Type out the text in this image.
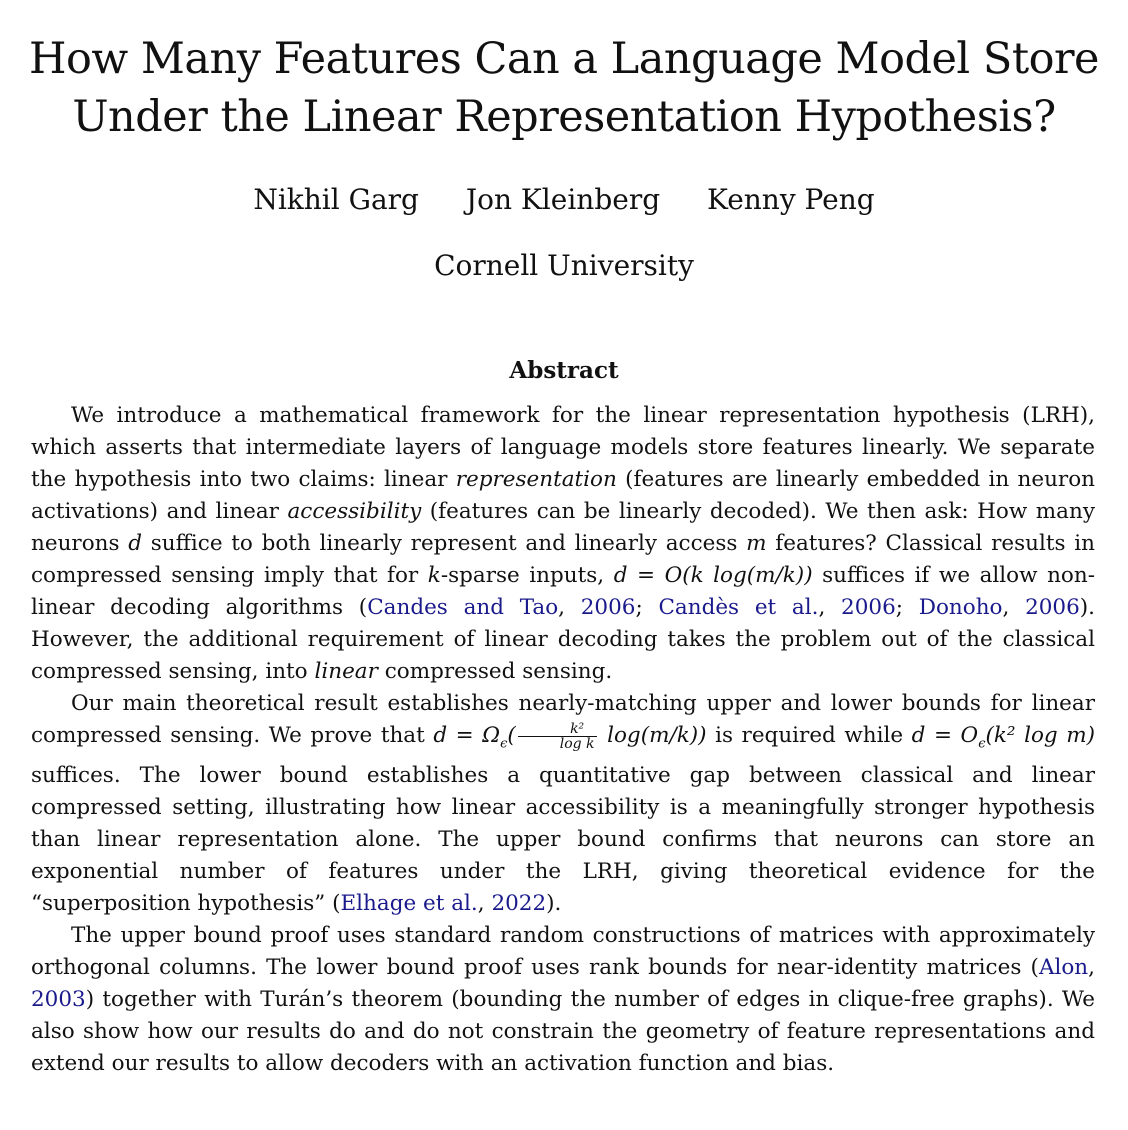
How Many Features Can a Language Model Store
Under the Linear Representation Hypothesis?
Nikhil Garg Jon Kleinberg Kenny Peng
Cornell University
Abstract

We introduce a mathematical framework for the linear representation hypothesis (LRH), which asserts that intermediate layers of language models store features linearly. We separate the hypothesis into two claims: linear representation (features are linearly embedded in neuron activations) and linear accessibility (features can be linearly decoded). We then ask: How many neurons d suffice to both linearly represent and linearly access m features? Classical results in compressed sensing imply that for k-sparse inputs, d = O(k log(m/k)) suffices if we allow non-linear decoding algorithms (Candes and Tao, 2006; Candès et al., 2006; Donoho, 2006). However, the additional requirement of linear decoding takes the problem out of the classical compressed sensing, into linear compressed sensing.

Our main theoretical result establishes nearly-matching upper and lower bounds for linear compressed sensing. We prove that $d = \Omega_\epsilon( \frac{\text{k²}}{\text{log k}} \log(m/k))$ is required while $d = O_\epsilon(k^2$ log m) suffices. The lower bound establishes a quantitative gap between classical and linear compressed setting, illustrating how linear accessibility is a meaningfully stronger hypothesis than linear representation alone. The upper bound confirms that neurons can store an exponential number of features under the LRH, giving theoretical evidence for the “superposition hypothesis” (Elhage et al., 2022).

The upper bound proof uses standard random constructions of matrices with approximately orthogonal columns. The lower bound proof uses rank bounds for near-identity matrices (Alon, 2003) together with Turán’s theorem (bounding the number of edges in clique-free graphs). We also show how our results do and do not constrain the geometry of feature representations and extend our results to allow decoders with an activation function and bias.
